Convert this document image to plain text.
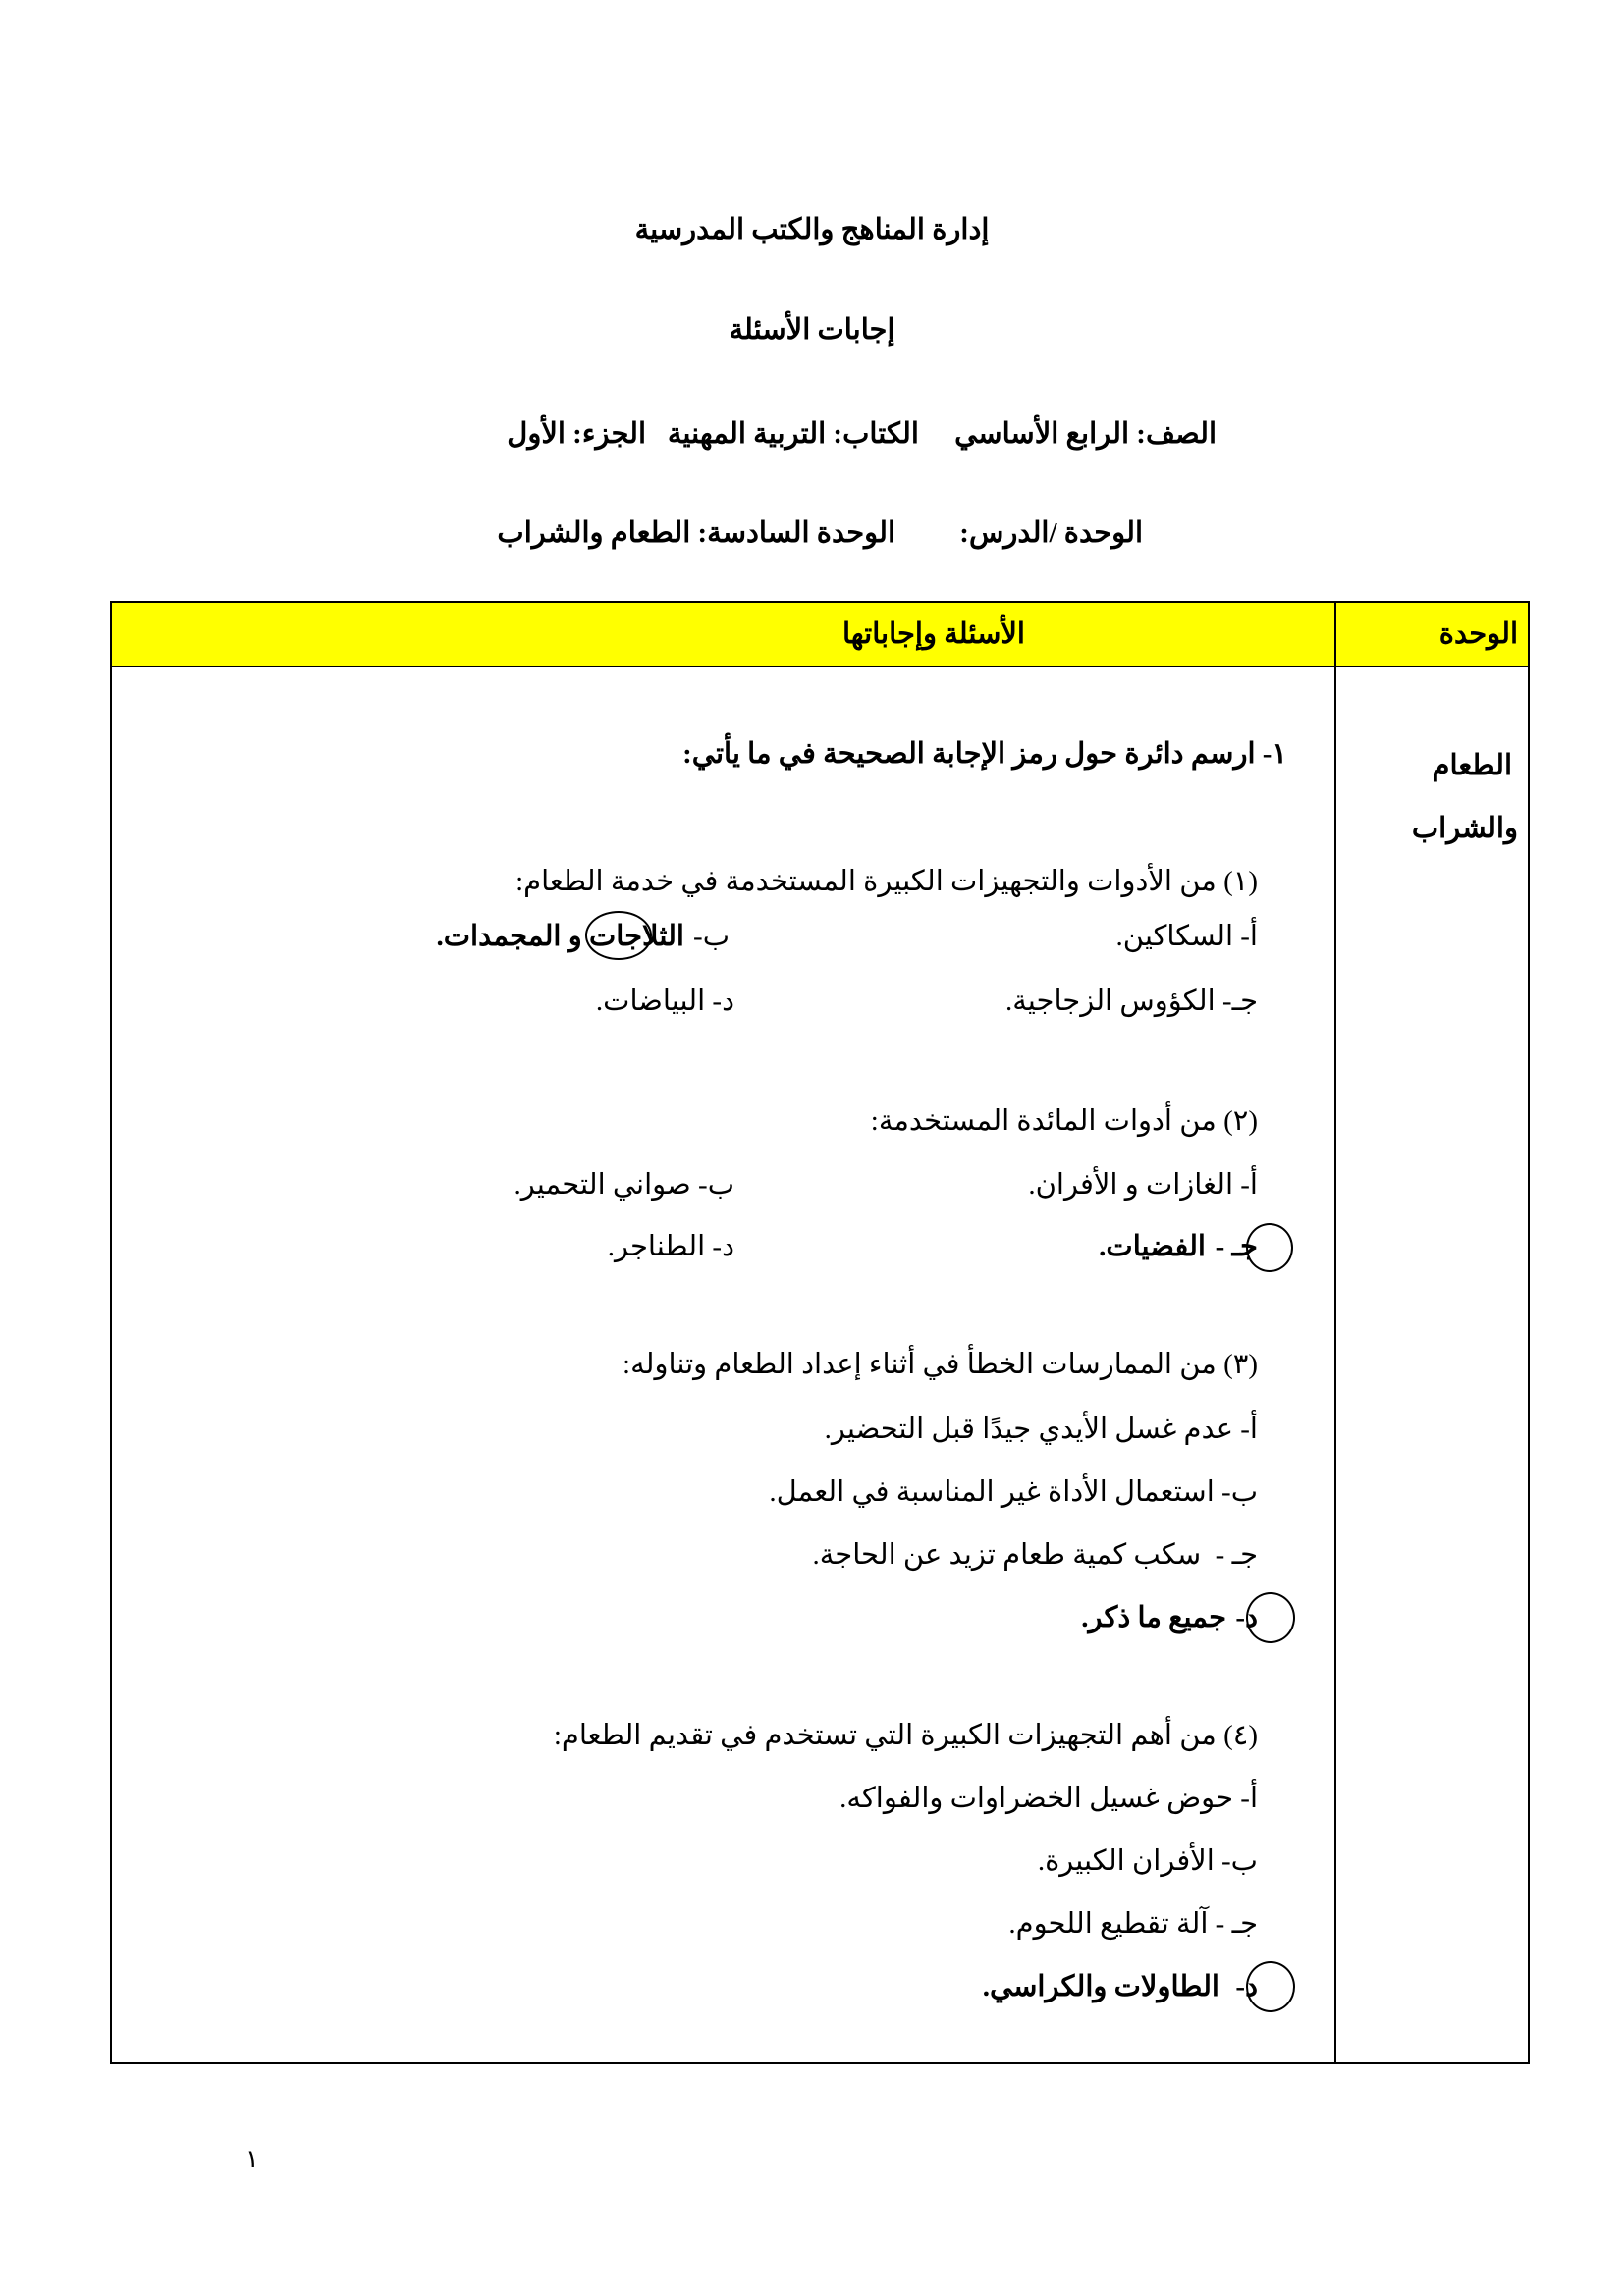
إدارة المناهج والكتب المدرسية
إجابات الأسئلة
الصف: الرابع الأساسي     الكتاب: التربية المهنية   الجزء: الأول
الوحدة /الدرس:
الوحدة السادسة: الطعام والشراب
الوحدة
الأسئلة وإجاباتها
الطعام
والشراب
١- ارسم دائرة حول رمز الإجابة الصحيحة في ما يأتي:
(١) من الأدوات والتجهيزات الكبيرة المستخدمة في خدمة الطعام:
أ- السكاكين.
ب-
الثلاجات و المجمدات.
جـ- الكؤوس الزجاجية.
د- البياضات.
(٢) من أدوات المائدة المستخدمة:
أ- الغازات و الأفران.
ب- صواني التحمير.
جـ -
الفضيات.
د- الطناجر.
(٣) من الممارسات الخطأ في أثناء إعداد الطعام وتناوله:
أ- عدم غسل الأيدي جيدًا قبل التحضير.
ب- استعمال الأداة غير المناسبة في العمل.
جـ -  سكب كمية طعام تزيد عن الحاجة.
د-
جميع ما ذكر.
(٤) من أهم التجهيزات الكبيرة التي تستخدم في تقديم الطعام:
أ- حوض غسيل الخضراوات والفواكه.
ب- الأفران الكبيرة.
جـ - آلة تقطيع اللحوم.
د-
الطاولات والكراسي.
١
